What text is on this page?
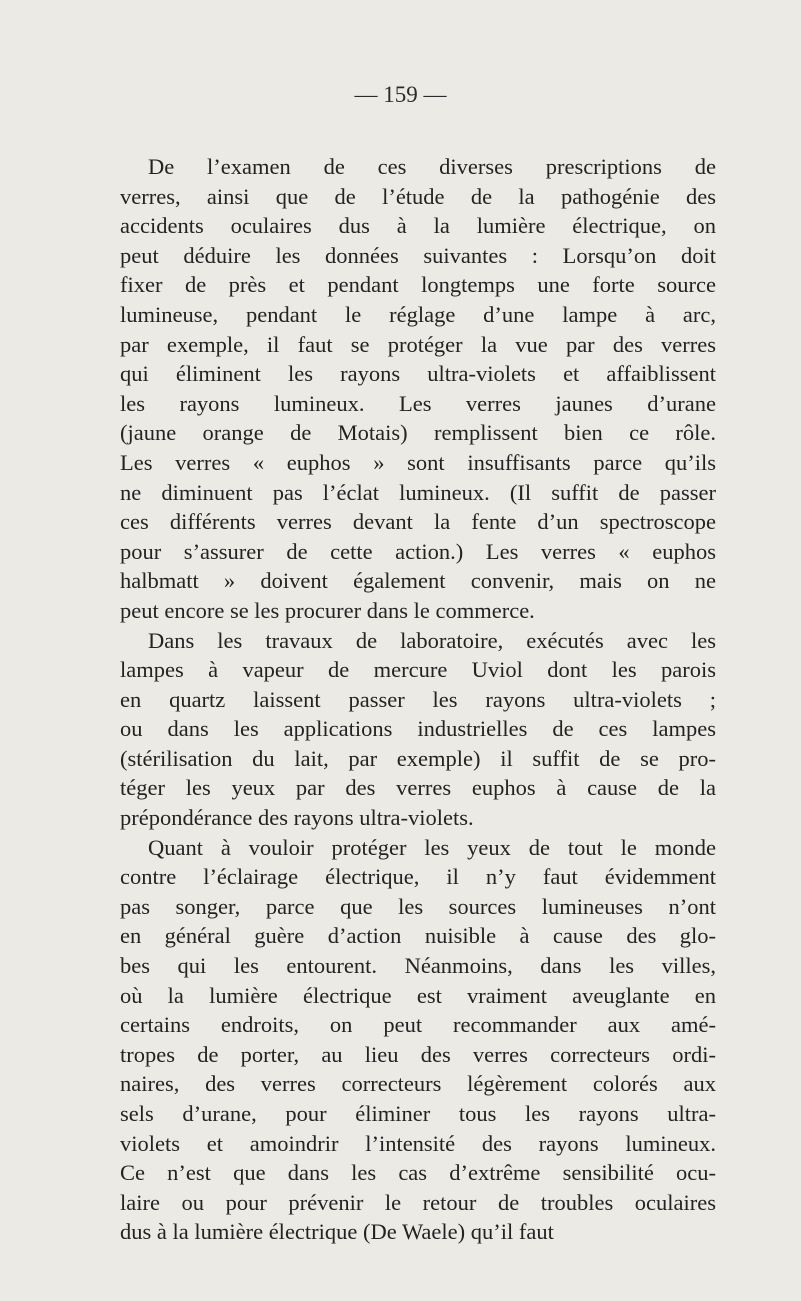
— 159 —
De l’examen de ces diverses prescriptions de
verres, ainsi que de l’étude de la pathogénie des
accidents oculaires dus à la lumière électrique, on
peut déduire les données suivantes : Lorsqu’on doit
fixer de près et pendant longtemps une forte source
lumineuse, pendant le réglage d’une lampe à arc,
par exemple, il faut se protéger la vue par des verres
qui éliminent les rayons ultra-violets et affaiblissent
les rayons lumineux. Les verres jaunes d’urane
(jaune orange de Motais) remplissent bien ce rôle.
Les verres « euphos » sont insuffisants parce qu’ils
ne diminuent pas l’éclat lumineux. (Il suffit de passer
ces différents verres devant la fente d’un spectroscope
pour s’assurer de cette action.) Les verres « euphos
halbmatt » doivent également convenir, mais on ne
peut encore se les procurer dans le commerce.
Dans les travaux de laboratoire, exécutés avec les
lampes à vapeur de mercure Uviol dont les parois
en quartz laissent passer les rayons ultra-violets ;
ou dans les applications industrielles de ces lampes
(stérilisation du lait, par exemple) il suffit de se pro-
téger les yeux par des verres euphos à cause de la
prépondérance des rayons ultra-violets.
Quant à vouloir protéger les yeux de tout le monde
contre l’éclairage électrique, il n’y faut évidemment
pas songer, parce que les sources lumineuses n’ont
en général guère d’action nuisible à cause des glo-
bes qui les entourent. Néanmoins, dans les villes,
où la lumière électrique est vraiment aveuglante en
certains endroits, on peut recommander aux amé-
tropes de porter, au lieu des verres correcteurs ordi-
naires, des verres correcteurs légèrement colorés aux
sels d’urane, pour éliminer tous les rayons ultra-
violets et amoindrir l’intensité des rayons lumineux.
Ce n’est que dans les cas d’extrême sensibilité ocu-
laire ou pour prévenir le retour de troubles oculaires
dus à la lumière électrique (De Waele) qu’il faut
